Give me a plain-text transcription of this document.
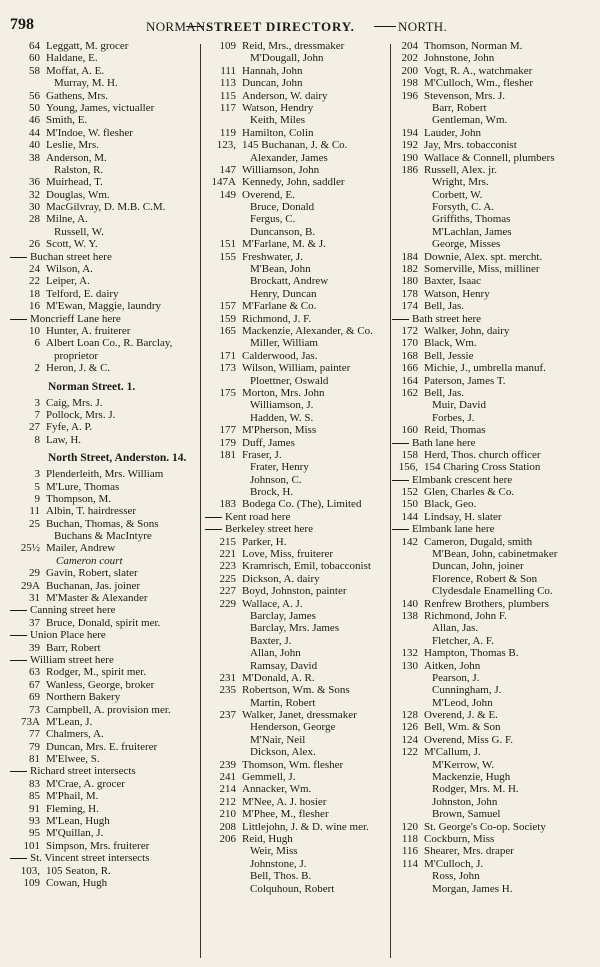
798	NORMAN.
STREET DIRECTORY.	NORTH.
64 Leggatt, M. grocer
60 Haldane, E.
58 Moffat, A. E.
Murray, M. H.
56 Gathens, Mrs.
50 Young, James, victualler
46 Smith, E.
44 M'Indoe, W. flesher
40 Leslie, Mrs.
38 Anderson, M.
Ralston, R.
36 Muirhead, T.
32 Douglas, Wm.
30 MacGilvray, D. M.B. C.M.
28 Milne, A.
Russell, W.
26 Scott, W. Y.
Buchan street here
24 Wilson, A.
22 Leiper, A.
18 Telford, E. dairy
16 M'Ewan, Maggie, laundry
Moncrieff Lane here
10 Hunter, A. fruiterer
6 Albert Loan Co., R. Barclay,
proprietor
2 Heron, J. & C.
Norman Street. 1.
3 Caig, Mrs. J.
7 Pollock, Mrs. J.
27 Fyfe, A. P.
8 Law, H.
North Street, Anderston. 14.
3 Plenderleith, Mrs. William
5 M'Lure, Thomas
9 Thompson, M.
11 Albin, T. hairdresser
25 Buchan, Thomas, & Sons
Buchans & MacIntyre
25½ Mailer, Andrew
Cameron court
29 Gavin, Robert, slater
29A Buchanan, Jas. joiner
31 M'Master & Alexander
Canning street here
37 Bruce, Donald, spirit mer.
Union Place here
39 Barr, Robert
William street here
63 Rodger, M., spirit mer.
67 Wanless, George, broker
69 Northern Bakery
73 Campbell, A. provision mer.
73A M'Lean, J.
77 Chalmers, A.
79 Duncan, Mrs. E. fruiterer
81 M'Elwee, S.
Richard street intersects
83 M'Crae, A. grocer
85 M'Phail, M.
91 Fleming, H.
93 M'Lean, Hugh
95 M'Quillan, J.
101 Simpson, Mrs. fruiterer
St. Vincent street intersects
103, 105 Seaton, R.
109 Cowan, Hugh
109 Reid, Mrs., dressmaker
M'Dougall, John
111 Hannah, John
113 Duncan, John
115 Anderson, W. dairy
117 Watson, Hendry
Keith, Miles
119 Hamilton, Colin
123, 145 Buchanan, J. & Co.
Alexander, James
147 Williamson, John
147A Kennedy, John, saddler
149 Overend, E.
Bruce, Donald
Fergus, C.
Duncanson, B.
151 M'Farlane, M. & J.
155 Freshwater, J.
M'Bean, John
Brockatt, Andrew
Henry, Duncan
157 M'Farlane & Co.
159 Richmond, J. F.
165 Mackenzie, Alexander, & Co.
Miller, William
171 Calderwood, Jas.
173 Wilson, William, painter
Ploettner, Oswald
175 Morton, Mrs. John
Williamson, J.
Hadden, W. S.
177 M'Pherson, Miss
179 Duff, James
181 Fraser, J.
Frater, Henry
Johnson, C.
Brock, H.
183 Bodega Co. (The), Limited
Kent road here
Berkeley street here
215 Parker, H.
221 Love, Miss, fruiterer
223 Kramrisch, Emil, tobacconist
225 Dickson, A. dairy
227 Boyd, Johnston, painter
229 Wallace, A. J.
Barclay, James
Barclay, Mrs. James
Baxter, J.
Allan, John
Ramsay, David
231 M'Donald, A. R.
235 Robertson, Wm. & Sons
Martin, Robert
237 Walker, Janet, dressmaker
Henderson, George
M'Nair, Neil
Dickson, Alex.
239 Thomson, Wm. flesher
241 Gemmell, J.
214 Annacker, Wm.
212 M'Nee, A. J. hosier
210 M'Phee, M., flesher
208 Littlejohn, J. & D. wine mer.
206 Reid, Hugh
Weir, Miss
Johnstone, J.
Bell, Thos. B.
Colquhoun, Robert
204 Thomson, Norman M.
202 Johnstone, John
200 Vogt, R. A., watchmaker
198 M'Culloch, Wm., flesher
196 Stevenson, Mrs. J.
Barr, Robert
Gentleman, Wm.
194 Lauder, John
192 Jay, Mrs. tobacconist
190 Wallace & Connell, plumbers
186 Russell, Alex. jr.
Wright, Mrs.
Corbett, W.
Forsyth, C. A.
Griffiths, Thomas
M'Lachlan, James
George, Misses
184 Downie, Alex. spt. mercht.
182 Somerville, Miss, milliner
180 Baxter, Isaac
178 Watson, Henry
174 Bell, Jas.
Bath street here
172 Walker, John, dairy
170 Black, Wm.
168 Bell, Jessie
166 Michie, J., umbrella manuf.
164 Paterson, James T.
162 Bell, Jas.
Muir, David
Forbes, J.
160 Reid, Thomas
Bath lane here
158 Herd, Thos. church officer
156, 154 Charing Cross Station
Elmbank crescent here
152 Glen, Charles & Co.
150 Black, Geo.
144 Lindsay, H. slater
Elmbank lane here
142 Cameron, Dugald, smith
M'Bean, John, cabinetmaker
Duncan, John, joiner
Florence, Robert & Son
Clydesdale Enamelling Co.
140 Renfrew Brothers, plumbers
138 Richmond, John F.
Allan, Jas.
Fletcher, A. F.
132 Hampton, Thomas B.
130 Aitken, John
Pearson, J.
Cunningham, J.
M'Leod, John
128 Overend, J. & E.
126 Bell, Wm. & Son
124 Overend, Miss G. F.
122 M'Callum, J.
M'Kerrow, W.
Mackenzie, Hugh
Rodger, Mrs. M. H.
Johnston, John
Brown, Samuel
120 St. George's Co-op. Society
118 Cockburn, Miss
116 Shearer, Mrs. draper
114 M'Culloch, J.
Ross, John
Morgan, James H.
